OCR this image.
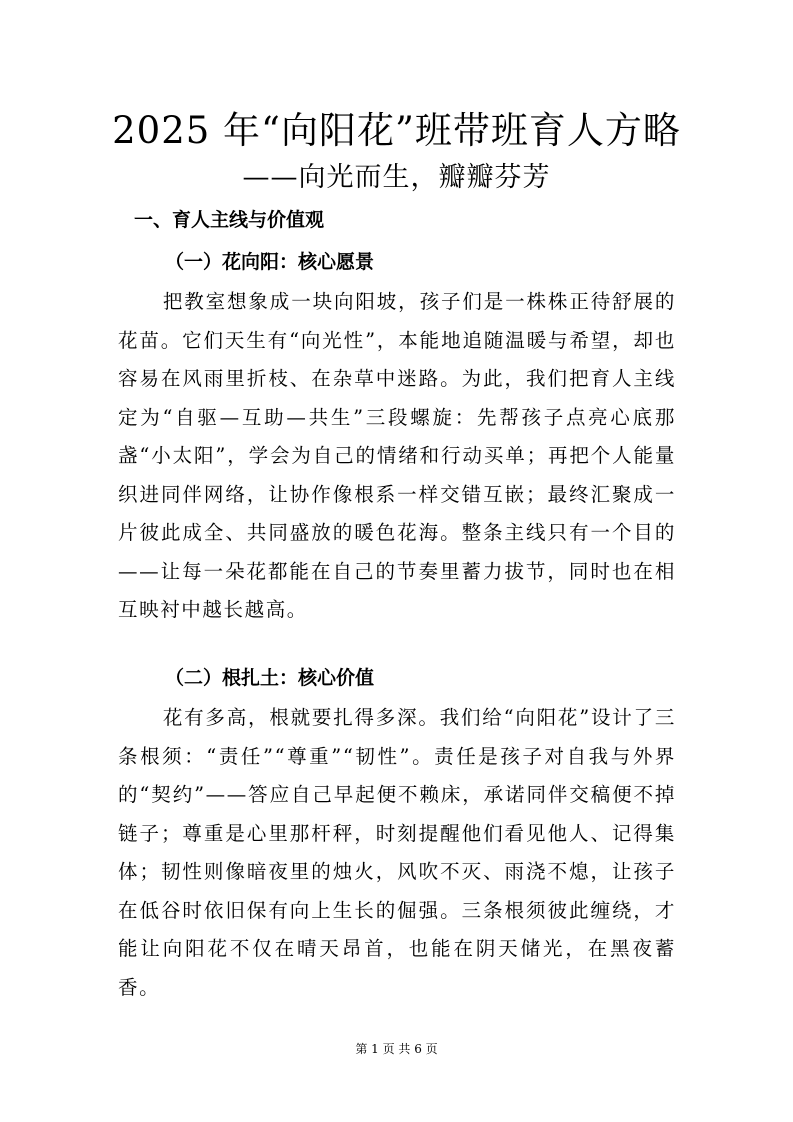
2025 年“向阳花”班带班育人方略
——向光而生，瓣瓣芬芳
一、育人主线与价值观
（一）花向阳：核心愿景

把教室想象成一块向阳坡，孩子们是一株株正待舒展的花苗。它们天生有“向光性”，本能地追随温暖与希望，却也容易在风雨里折枝、在杂草中迷路。为此，我们把育人主线定为“自驱—互助—共生”三段螺旋：先帮孩子点亮心底那盏“小太阳”，学会为自己的情绪和行动买单；再把个人能量织进同伴网络，让协作像根系一样交错互嵌；最终汇聚成一片彼此成全、共同盛放的暖色花海。整条主线只有一个目的——让每一朵花都能在自己的节奏里蓄力拔节，同时也在相互映衬中越长越高。

（二）根扎土：核心价值

花有多高，根就要扎得多深。我们给“向阳花”设计了三条根须：“责任”“尊重”“韧性”。责任是孩子对自我与外界的“契约”——答应自己早起便不赖床，承诺同伴交稿便不掉链子；尊重是心里那杆秤，时刻提醒他们看见他人、记得集体；韧性则像暗夜里的烛火，风吹不灭、雨浇不熄，让孩子在低谷时依旧保有向上生长的倔强。三条根须彼此缠绕，才能让向阳花不仅在晴天昂首，也能在阴天储光，在黑夜蓄香。

第 1 页 共 6 页
